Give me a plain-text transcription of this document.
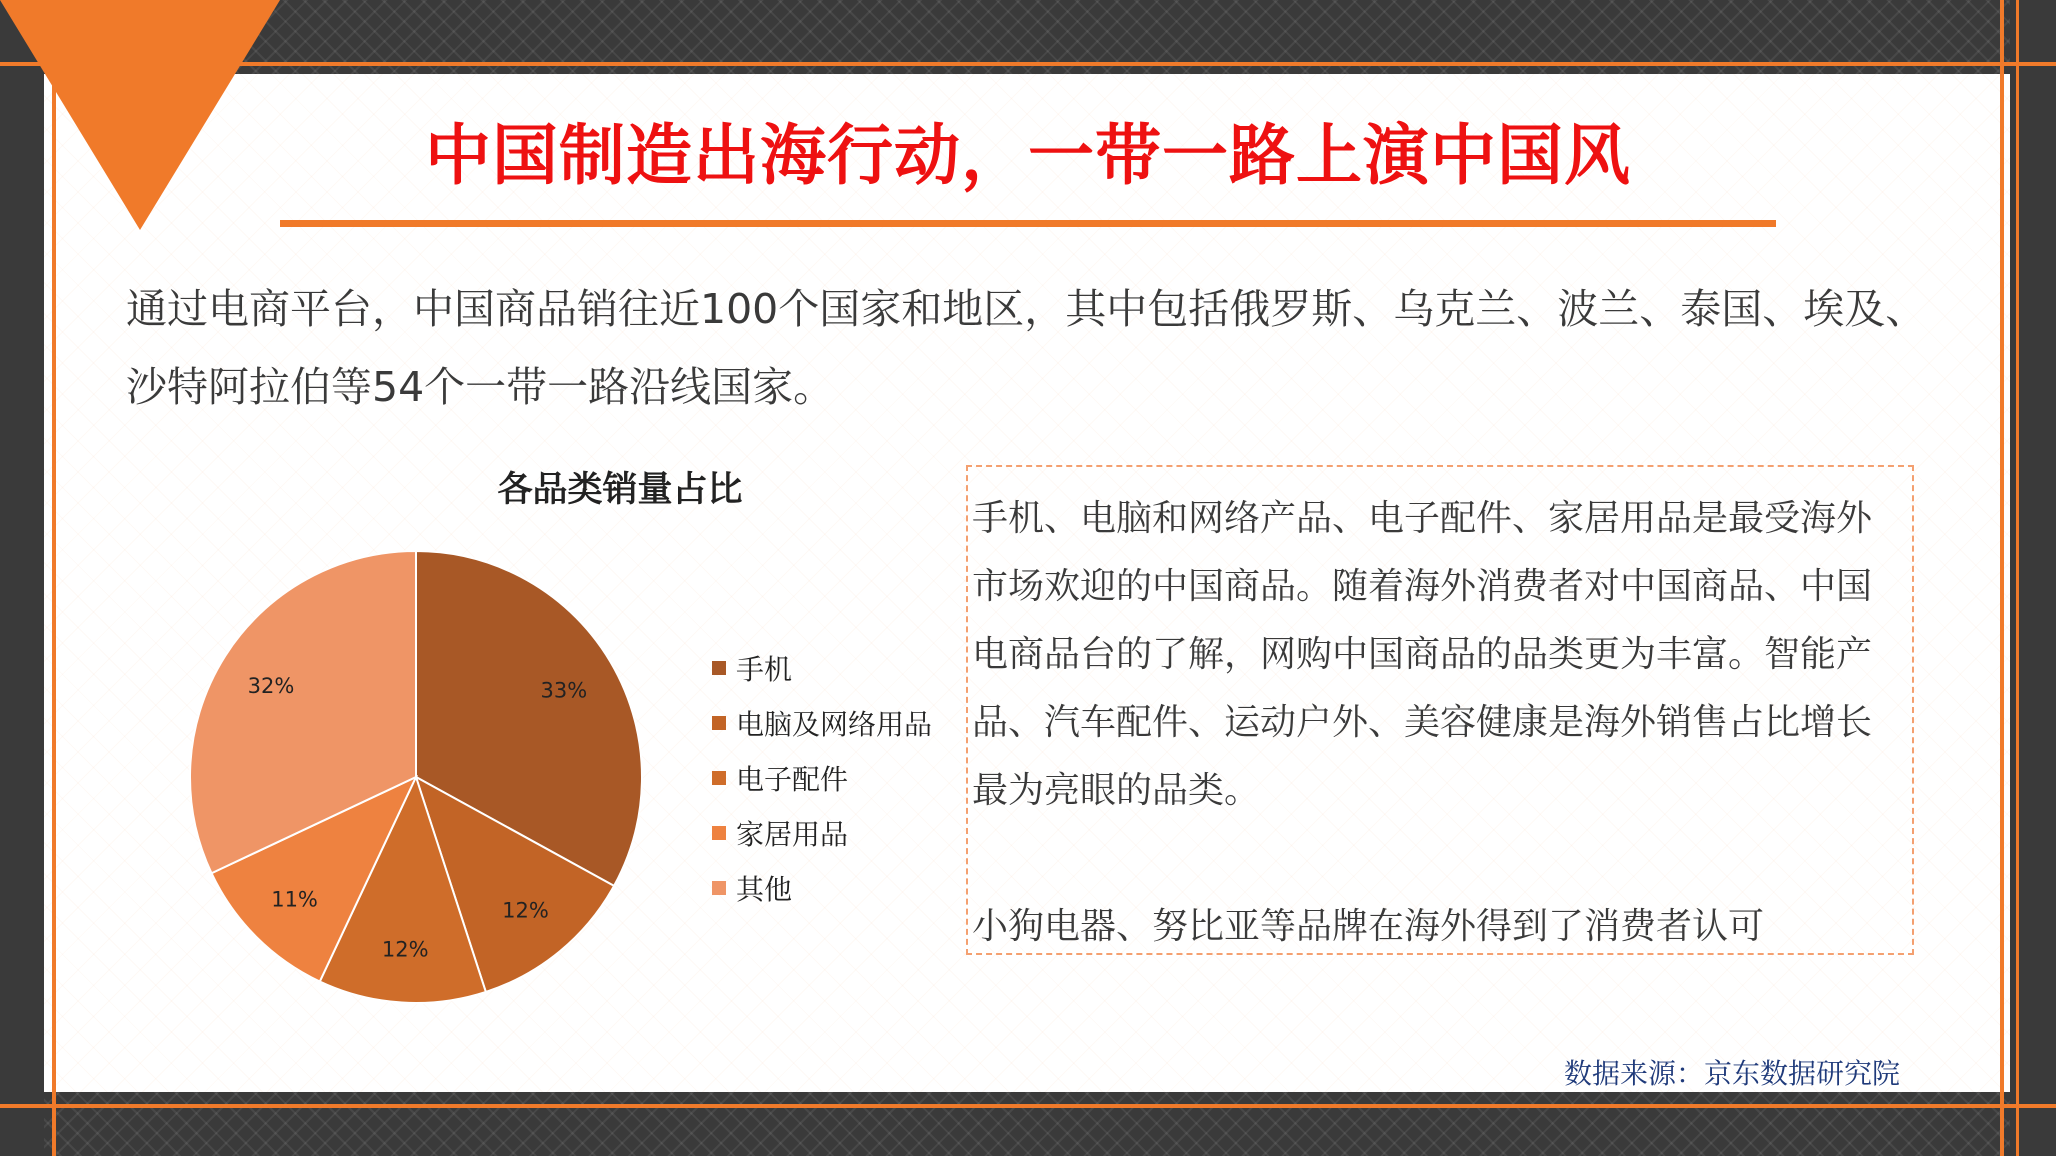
中国制造出海行动，一带一路上演中国风
通过电商平台，中国商品销往近100个国家和地区，其中包括俄罗斯、乌克兰、波兰、泰国、埃及、沙特阿拉伯等54个一带一路沿线国家。
各品类销量占比
33%
12%
12%
11%
32%
手机
电脑及网络用品
电子配件
家居用品
其他

手机、电脑和网络产品、电子配件、家居用品是最受海外市场欢迎的中国商品。随着海外消费者对中国商品、中国电商品台的了解，网购中国商品的品类更为丰富。智能产品、汽车配件、运动户外、美容健康是海外销售占比增长最为亮眼的品类。

小狗电器、努比亚等品牌在海外得到了消费者认可

数据来源：京东数据研究院
